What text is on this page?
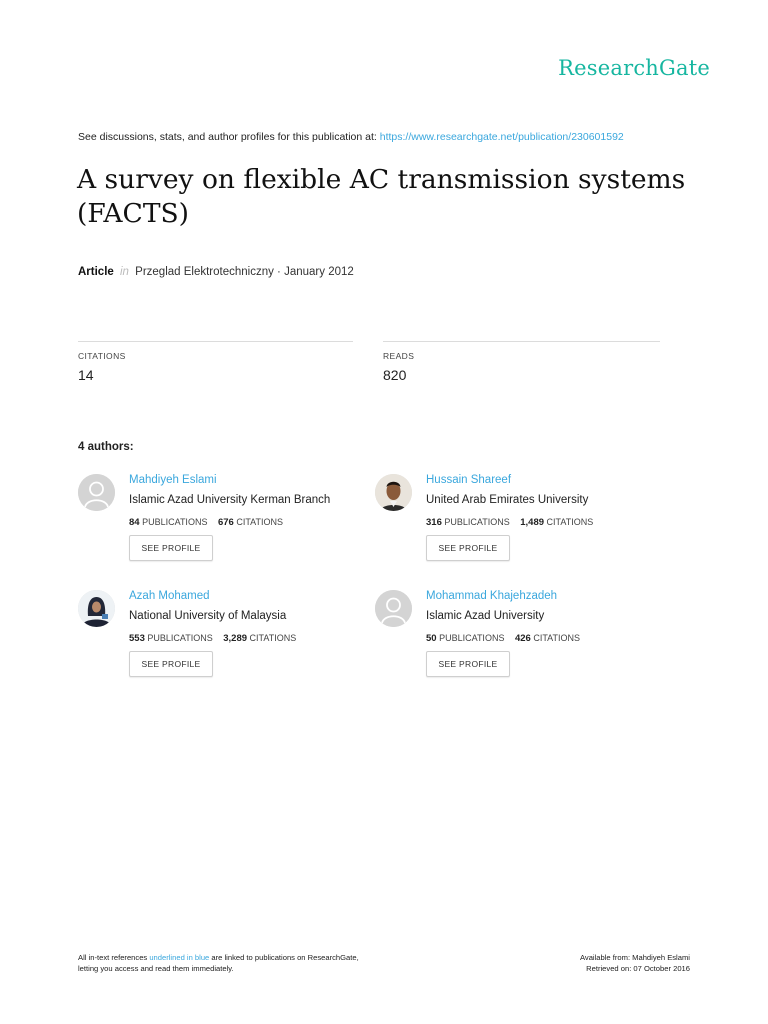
ResearchGate
See discussions, stats, and author profiles for this publication at: https://www.researchgate.net/publication/230601592
A survey on flexible AC transmission systems (FACTS)
Article in Przeglad Elektrotechniczny · January 2012
CITATIONS
14
READS
820
4 authors:
Mahdiyeh Eslami
Islamic Azad University Kerman Branch
84 PUBLICATIONS 676 CITATIONS
SEE PROFILE
Hussain Shareef
United Arab Emirates University
316 PUBLICATIONS 1,489 CITATIONS
SEE PROFILE
Azah Mohamed
National University of Malaysia
553 PUBLICATIONS 3,289 CITATIONS
SEE PROFILE
Mohammad Khajehzadeh
Islamic Azad University
50 PUBLICATIONS 426 CITATIONS
SEE PROFILE
All in-text references underlined in blue are linked to publications on ResearchGate,
letting you access and read them immediately.
Available from: Mahdiyeh Eslami
Retrieved on: 07 October 2016
